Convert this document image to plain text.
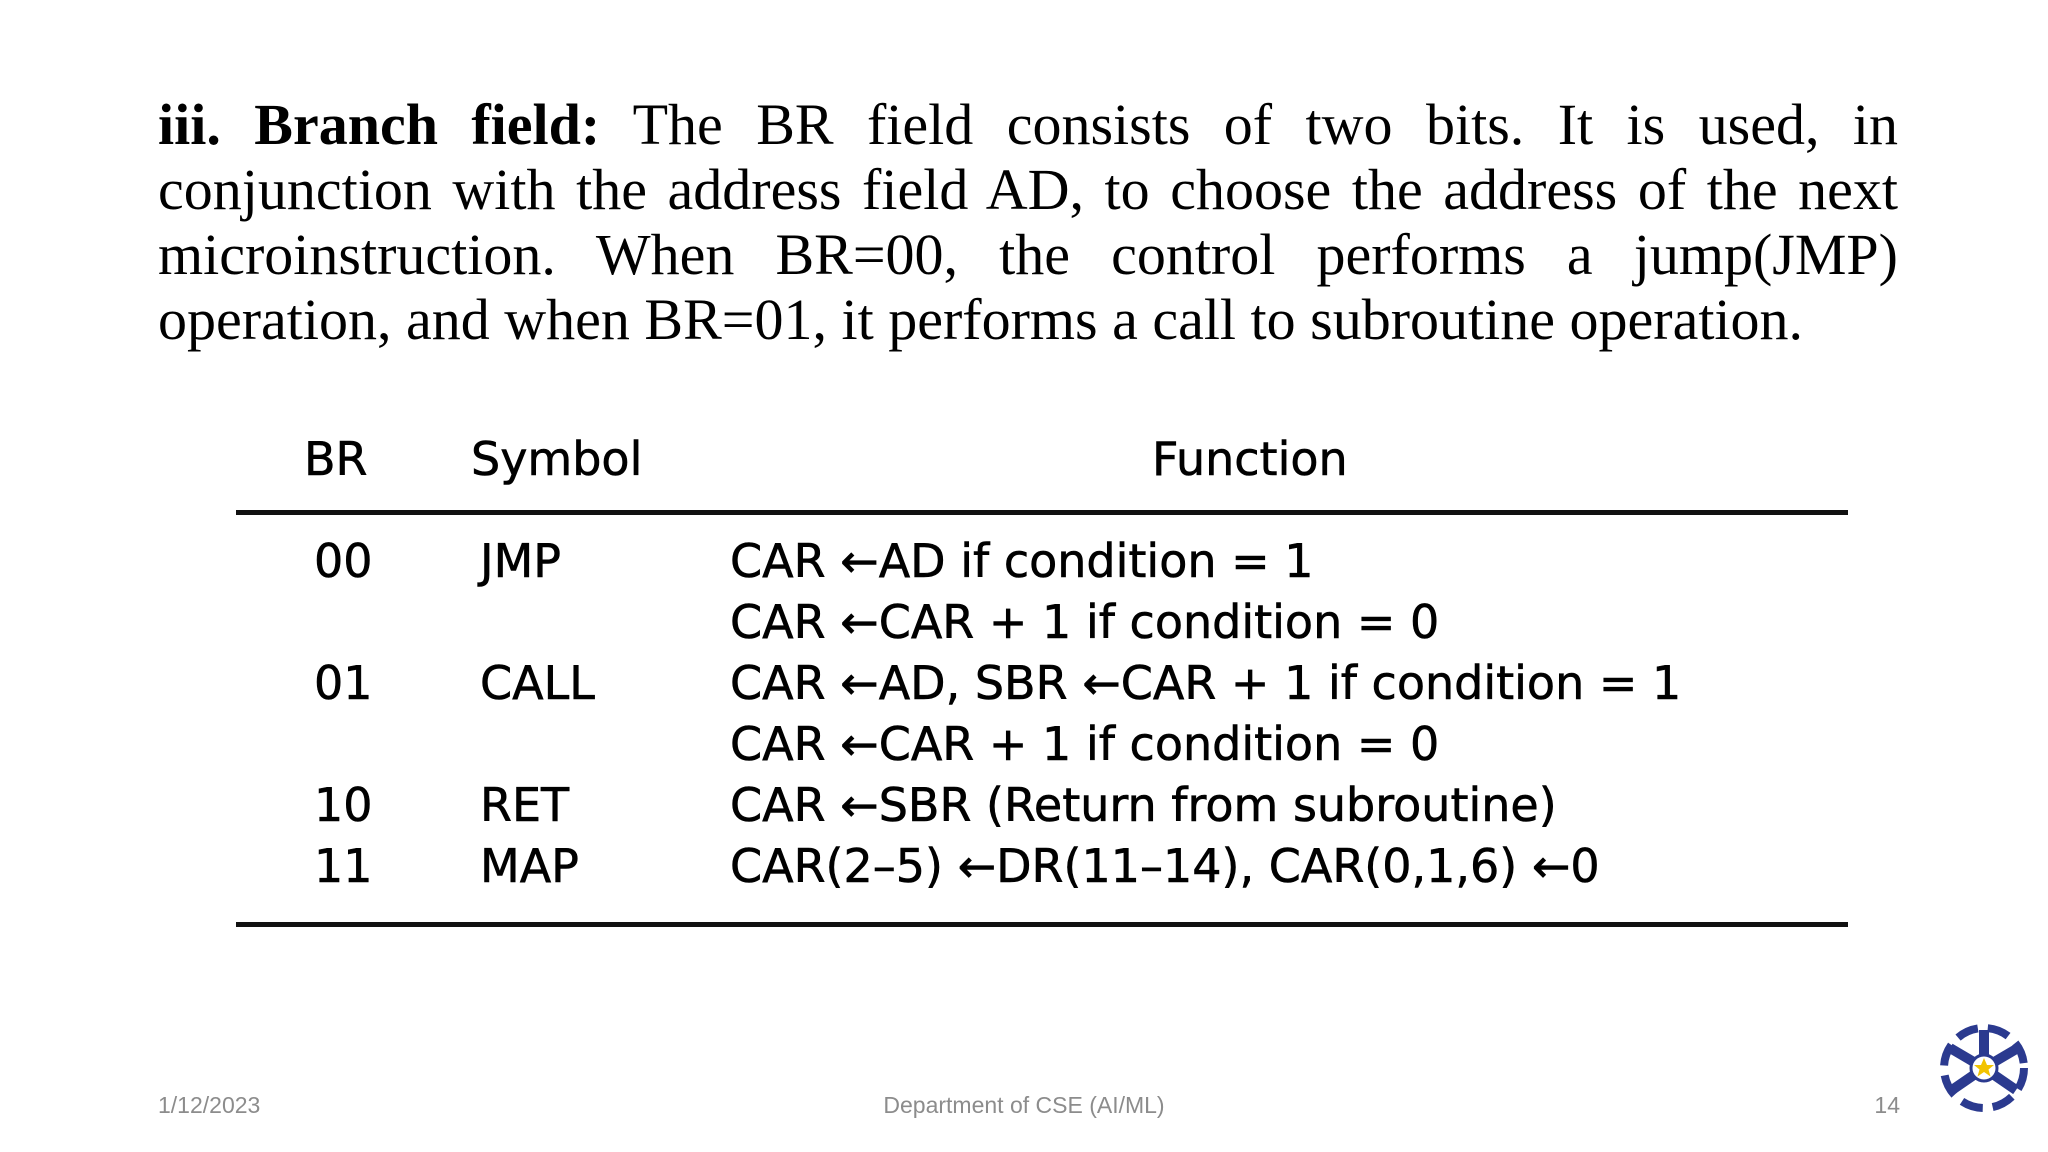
iii. Branch field: The BR field consists of two bits. It is used, in conjunction with the address field AD, to choose the address of the next microinstruction. When BR=00, the control performs a jump(JMP) operation, and when BR=01, it performs a call to subroutine operation.
BR Symbol	Function
00 JMP	CAR ←AD if condition = 1
CAR ←CAR + 1 if condition = 0
01 CALL	CAR ←AD, SBR ←CAR + 1 if condition = 1
CAR ←CAR + 1 if condition = 0
10 RET	CAR ←SBR (Return from subroutine)
11 MAP	CAR(2–5) ←DR(11–14), CAR(0,1,6) ←0
1/12/2023	Department of CSE (AI/ML)	14
